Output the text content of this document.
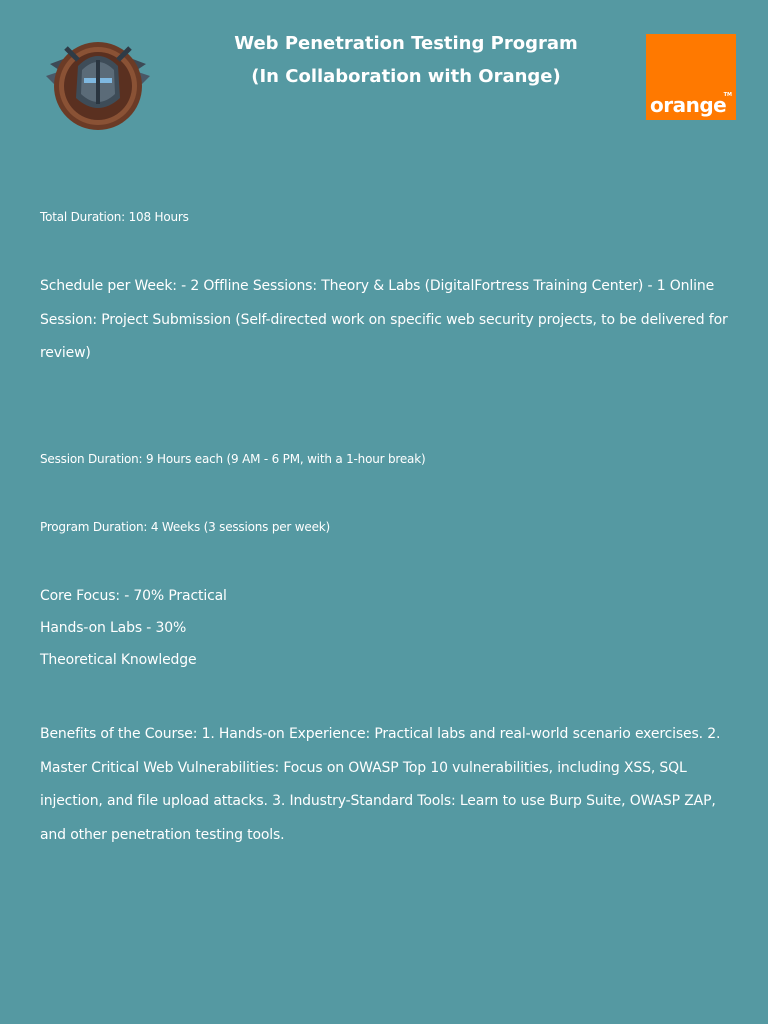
Web Penetration Testing Program
(In Collaboration with Orange)
TM
orange

Total Duration: 108 Hours

Schedule per Week: - 2 Offline Sessions: Theory & Labs (DigitalFortress Training Center) - 1 Online Session: Project Submission (Self-directed work on specific web security projects, to be delivered for review)

Session Duration: 9 Hours each (9 AM - 6 PM, with a 1-hour break)

Program Duration: 4 Weeks (3 sessions per week)

Core Focus: - 70% Practical

Hands-on Labs - 30%

Theoretical Knowledge

Benefits of the Course: 1. Hands-on Experience: Practical labs and real-world scenario exercises. 2. Master Critical Web Vulnerabilities: Focus on OWASP Top 10 vulnerabilities, including XSS, SQL injection, and file upload attacks. 3. Industry-Standard Tools: Learn to use Burp Suite, OWASP ZAP, and other penetration testing tools.
